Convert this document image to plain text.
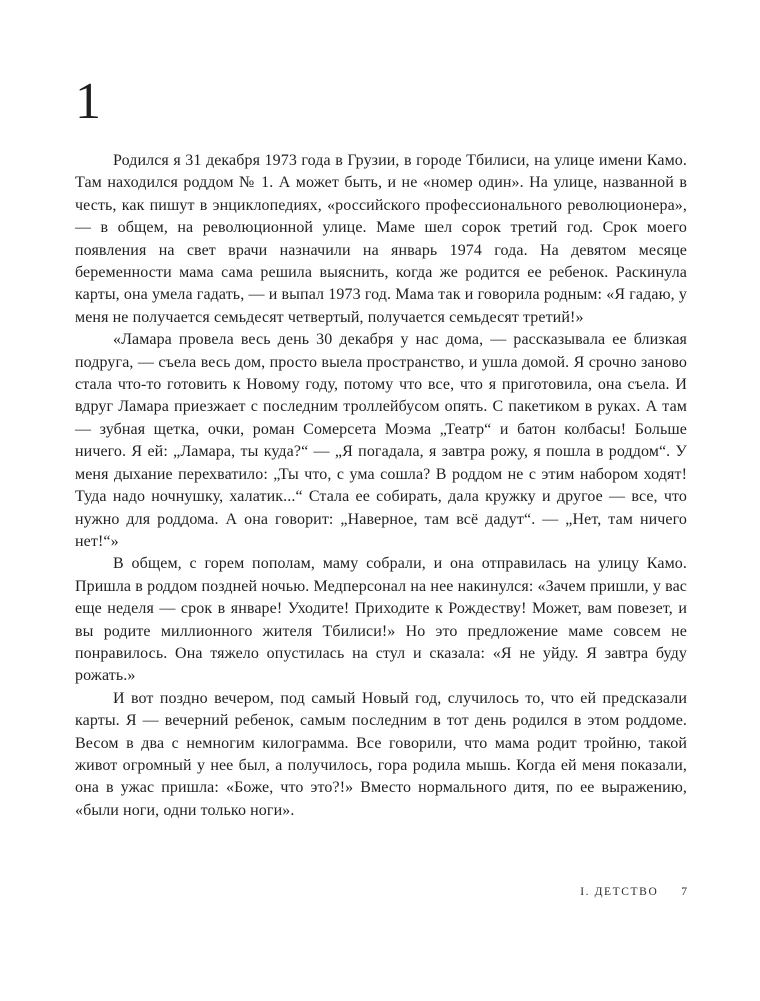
1

Родился я 31 декабря 1973 года в Грузии, в городе Тбилиси, на улице имени Камо. Там находился роддом № 1. А может быть, и не «номер один». На улице, названной в честь, как пишут в энциклопедиях, «российского профессионального революционера», — в общем, на революционной улице. Маме шел сорок третий год. Срок моего появления на свет врачи назначили на январь 1974 года. На девятом месяце беременности мама сама решила выяснить, когда же родится ее ребенок. Раскинула карты, она умела гадать, — и выпал 1973 год. Мама так и говорила родным: «Я гадаю, у меня не получается семьдесят четвертый, получается семьдесят третий!»

«Ламара провела весь день 30 декабря у нас дома, — рассказывала ее близкая подруга, — съела весь дом, просто выела пространство, и ушла домой. Я срочно заново стала что-то готовить к Новому году, потому что все, что я приготовила, она съела. И вдруг Ламара приезжает с последним троллейбусом опять. С пакетиком в руках. А там — зубная щетка, очки, роман Сомерсета Моэма „Театр“ и батон колбасы! Больше ничего. Я ей: „Ламара, ты куда?“ — „Я погадала, я завтра рожу, я пошла в роддом“. У меня дыхание перехватило: „Ты что, с ума сошла? В роддом не с этим набором ходят! Туда надо ночнушку, халатик...“ Стала ее собирать, дала кружку и другое — все, что нужно для роддома. А она говорит: „Наверное, там всё дадут“. — „Нет, там ничего нет!“»

В общем, с горем пополам, маму собрали, и она отправилась на улицу Камо. Пришла в роддом поздней ночью. Медперсонал на нее накинулся: «Зачем пришли, у вас еще неделя — срок в январе! Уходите! Приходите к Рождеству! Может, вам повезет, и вы родите миллионного жителя Тбилиси!» Но это предложение маме совсем не понравилось. Она тяжело опустилась на стул и сказала: «Я не уйду. Я завтра буду рожать.»

И вот поздно вечером, под самый Новый год, случилось то, что ей предсказали карты. Я — вечерний ребенок, самым последним в тот день родился в этом роддоме. Весом в два с немногим килограмма. Все говорили, что мама родит тройню, такой живот огромный у нее был, а получилось, гора родила мышь. Когда ей меня показали, она в ужас пришла: «Боже, что это?!» Вместо нормального дитя, по ее выражению, «были ноги, одни только ноги».

I. ДЕТСТВО 7
